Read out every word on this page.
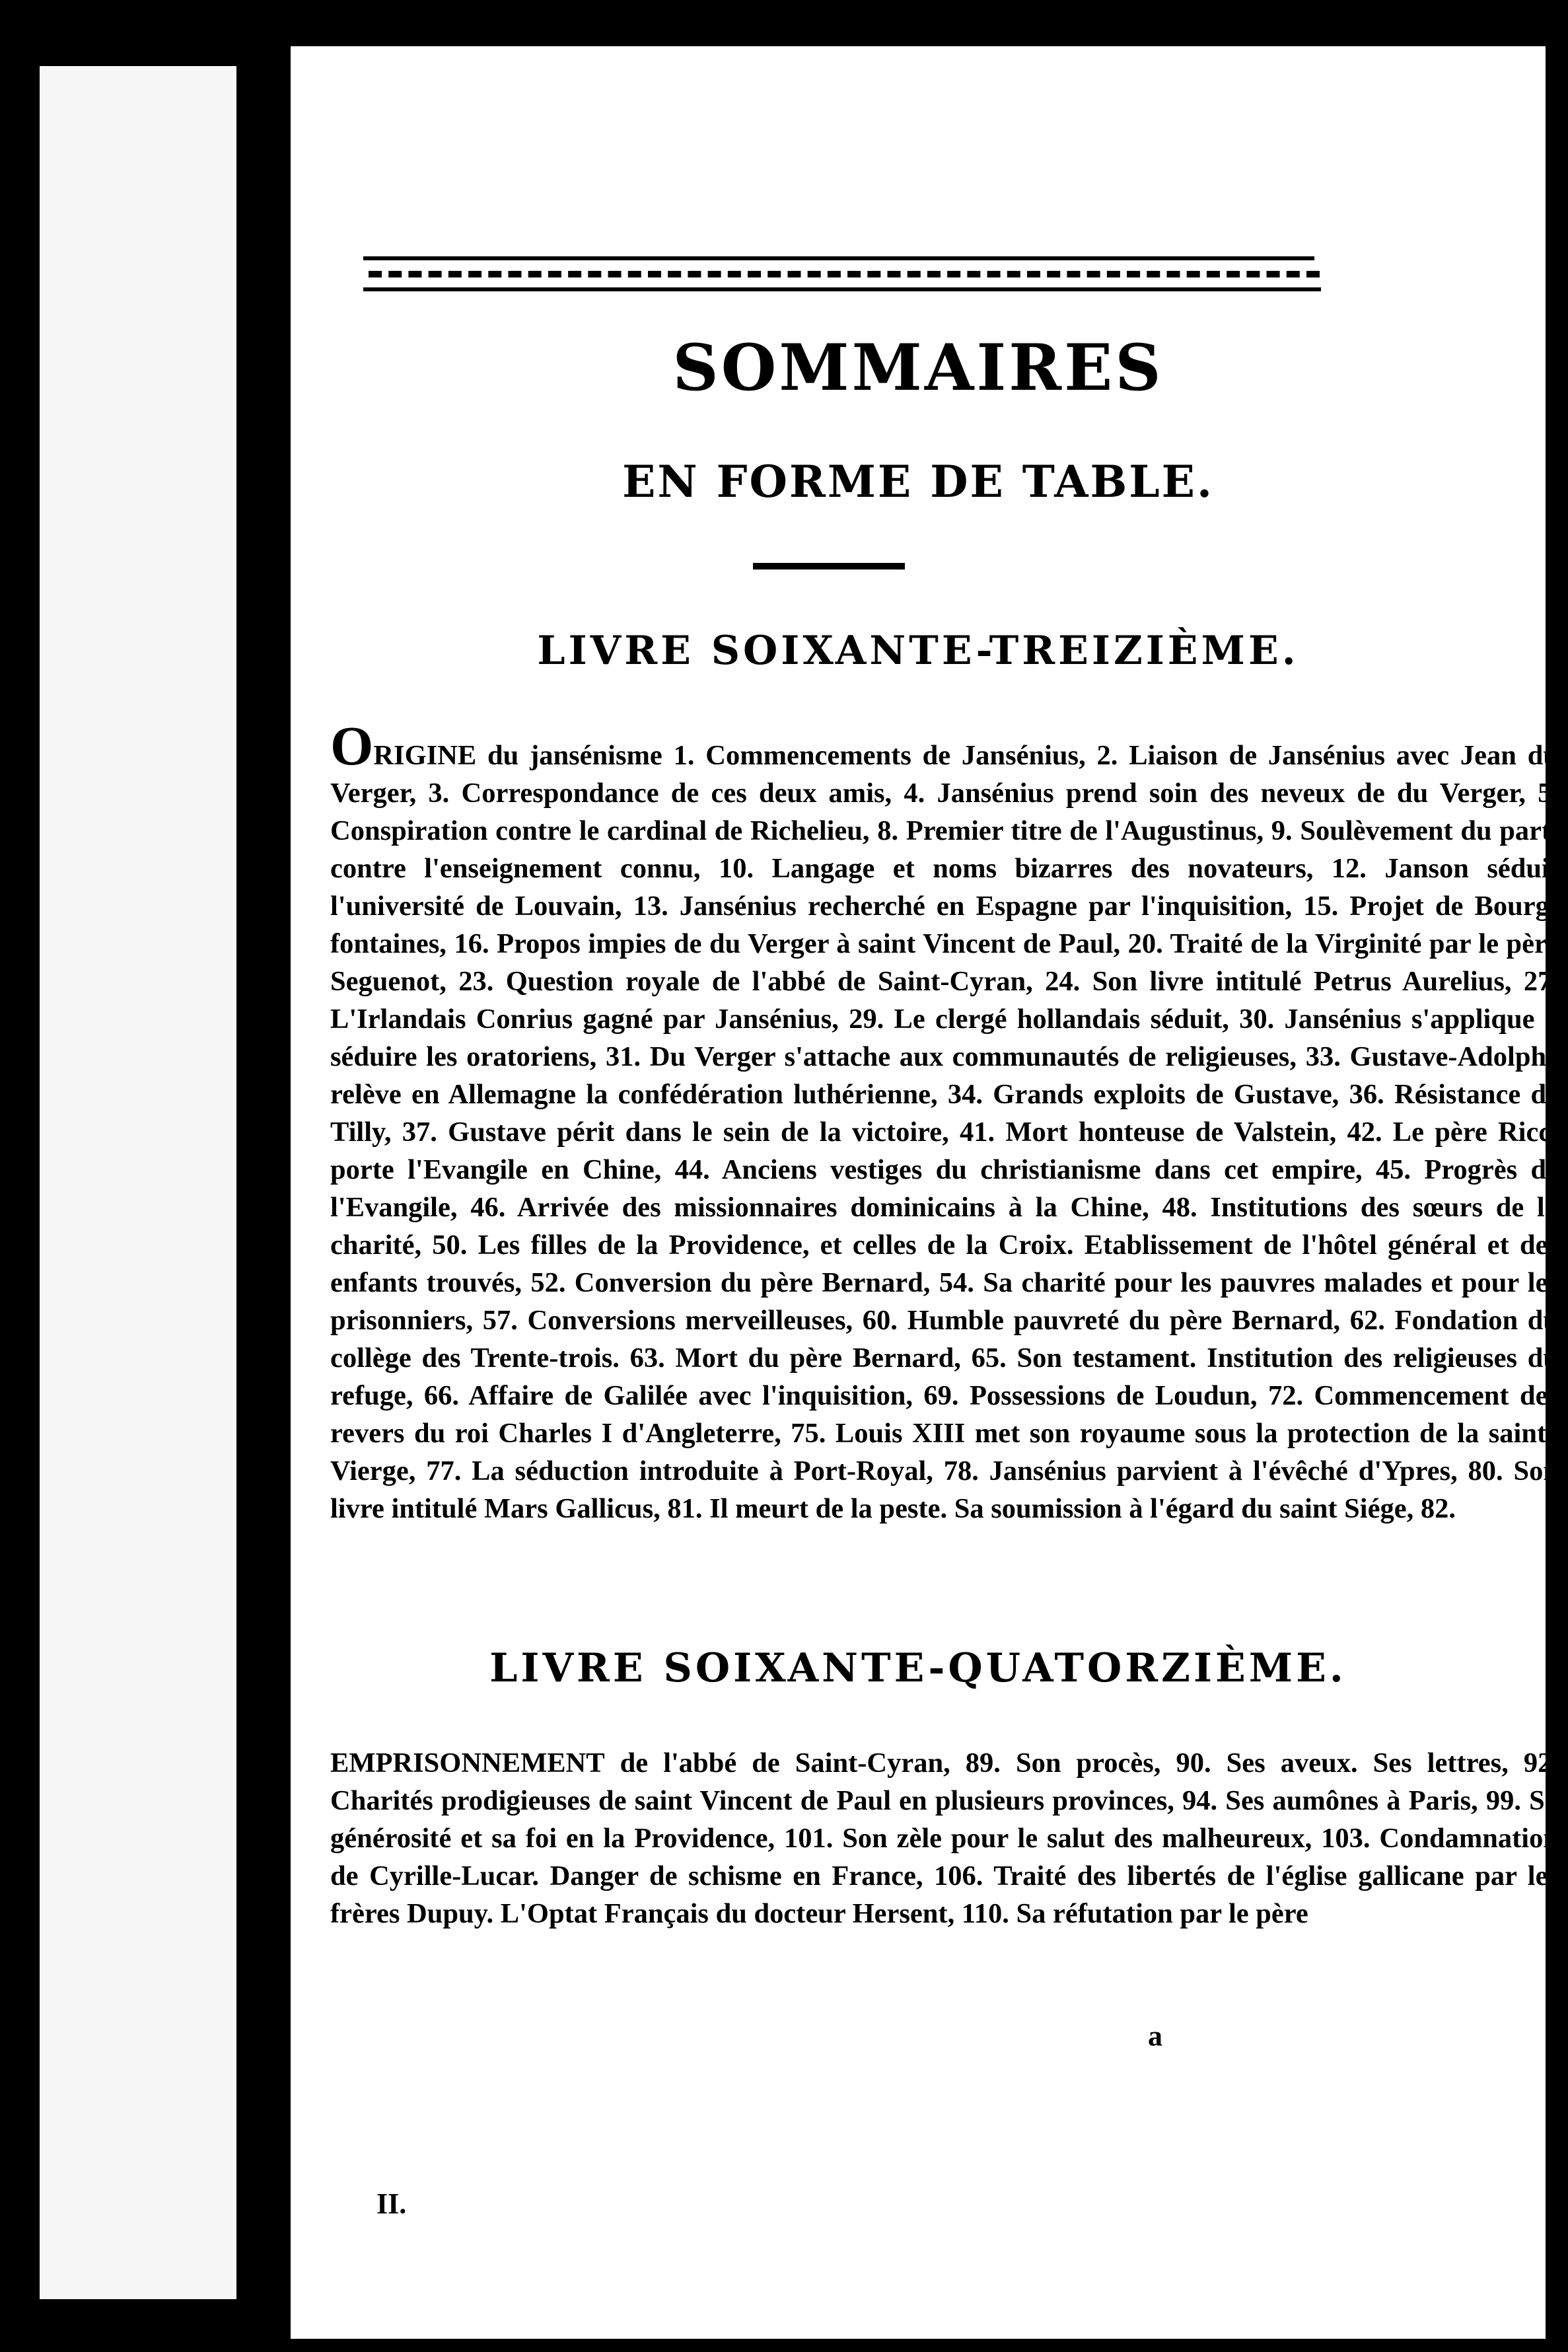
SOMMAIRES
EN FORME DE TABLE.
LIVRE SOIXANTE-TREIZIÈME.
ORIGINE du jansénisme 1. Commencements de Jansénius, 2. Liaison de Jansénius avec Jean du Verger, 3. Correspondance de ces deux amis, 4. Jansénius prend soin des neveux de du Verger, 5. Conspiration contre le cardinal de Richelieu, 8. Premier titre de l'Augustinus, 9. Soulèvement du parti contre l'enseignement connu, 10. Langage et noms bizarres des novateurs, 12. Janson séduit l'université de Louvain, 13. Jansénius recherché en Espagne par l'inquisition, 15. Projet de Bourg-fontaines, 16. Propos impies de du Verger à saint Vincent de Paul, 20. Traité de la Virginité par le père Seguenot, 23. Question royale de l'abbé de Saint-Cyran, 24. Son livre intitulé Petrus Aurelius, 27. L'Irlandais Conrius gagné par Jansénius, 29. Le clergé hollandais séduit, 30. Jansénius s'applique à séduire les oratoriens, 31. Du Verger s'attache aux communautés de religieuses, 33. Gustave-Adolphe relève en Allemagne la confédération luthérienne, 34. Grands exploits de Gustave, 36. Résistance de Tilly, 37. Gustave périt dans le sein de la victoire, 41. Mort honteuse de Valstein, 42. Le père Ricci porte l'Evangile en Chine, 44. Anciens vestiges du christianisme dans cet empire, 45. Progrès de l'Evangile, 46. Arrivée des missionnaires dominicains à la Chine, 48. Institutions des sœurs de la charité, 50. Les filles de la Providence, et celles de la Croix. Etablissement de l'hôtel général et des enfants trouvés, 52. Conversion du père Bernard, 54. Sa charité pour les pauvres malades et pour les prisonniers, 57. Conversions merveilleuses, 60. Humble pauvreté du père Bernard, 62. Fondation du collège des Trente-trois. 63. Mort du père Bernard, 65. Son testament. Institution des religieuses du refuge, 66. Affaire de Galilée avec l'inquisition, 69. Possessions de Loudun, 72. Commencement des revers du roi Charles I d'Angleterre, 75. Louis XIII met son royaume sous la protection de la sainte Vierge, 77. La séduction introduite à Port-Royal, 78. Jansénius parvient à l'évêché d'Ypres, 80. Son livre intitulé Mars Gallicus, 81. Il meurt de la peste. Sa soumission à l'égard du saint Siége, 82.
LIVRE SOIXANTE-QUATORZIÈME.
EMPRISONNEMENT de l'abbé de Saint-Cyran, 89. Son procès, 90. Ses aveux. Ses lettres, 92. Charités prodigieuses de saint Vincent de Paul en plusieurs provinces, 94. Ses aumônes à Paris, 99. Sa générosité et sa foi en la Providence, 101. Son zèle pour le salut des malheureux, 103. Condamnation de Cyrille-Lucar. Danger de schisme en France, 106. Traité des libertés de l'église gallicane par les frères Dupuy. L'Optat Français du docteur Hersent, 110. Sa réfutation par le père
II.
a
